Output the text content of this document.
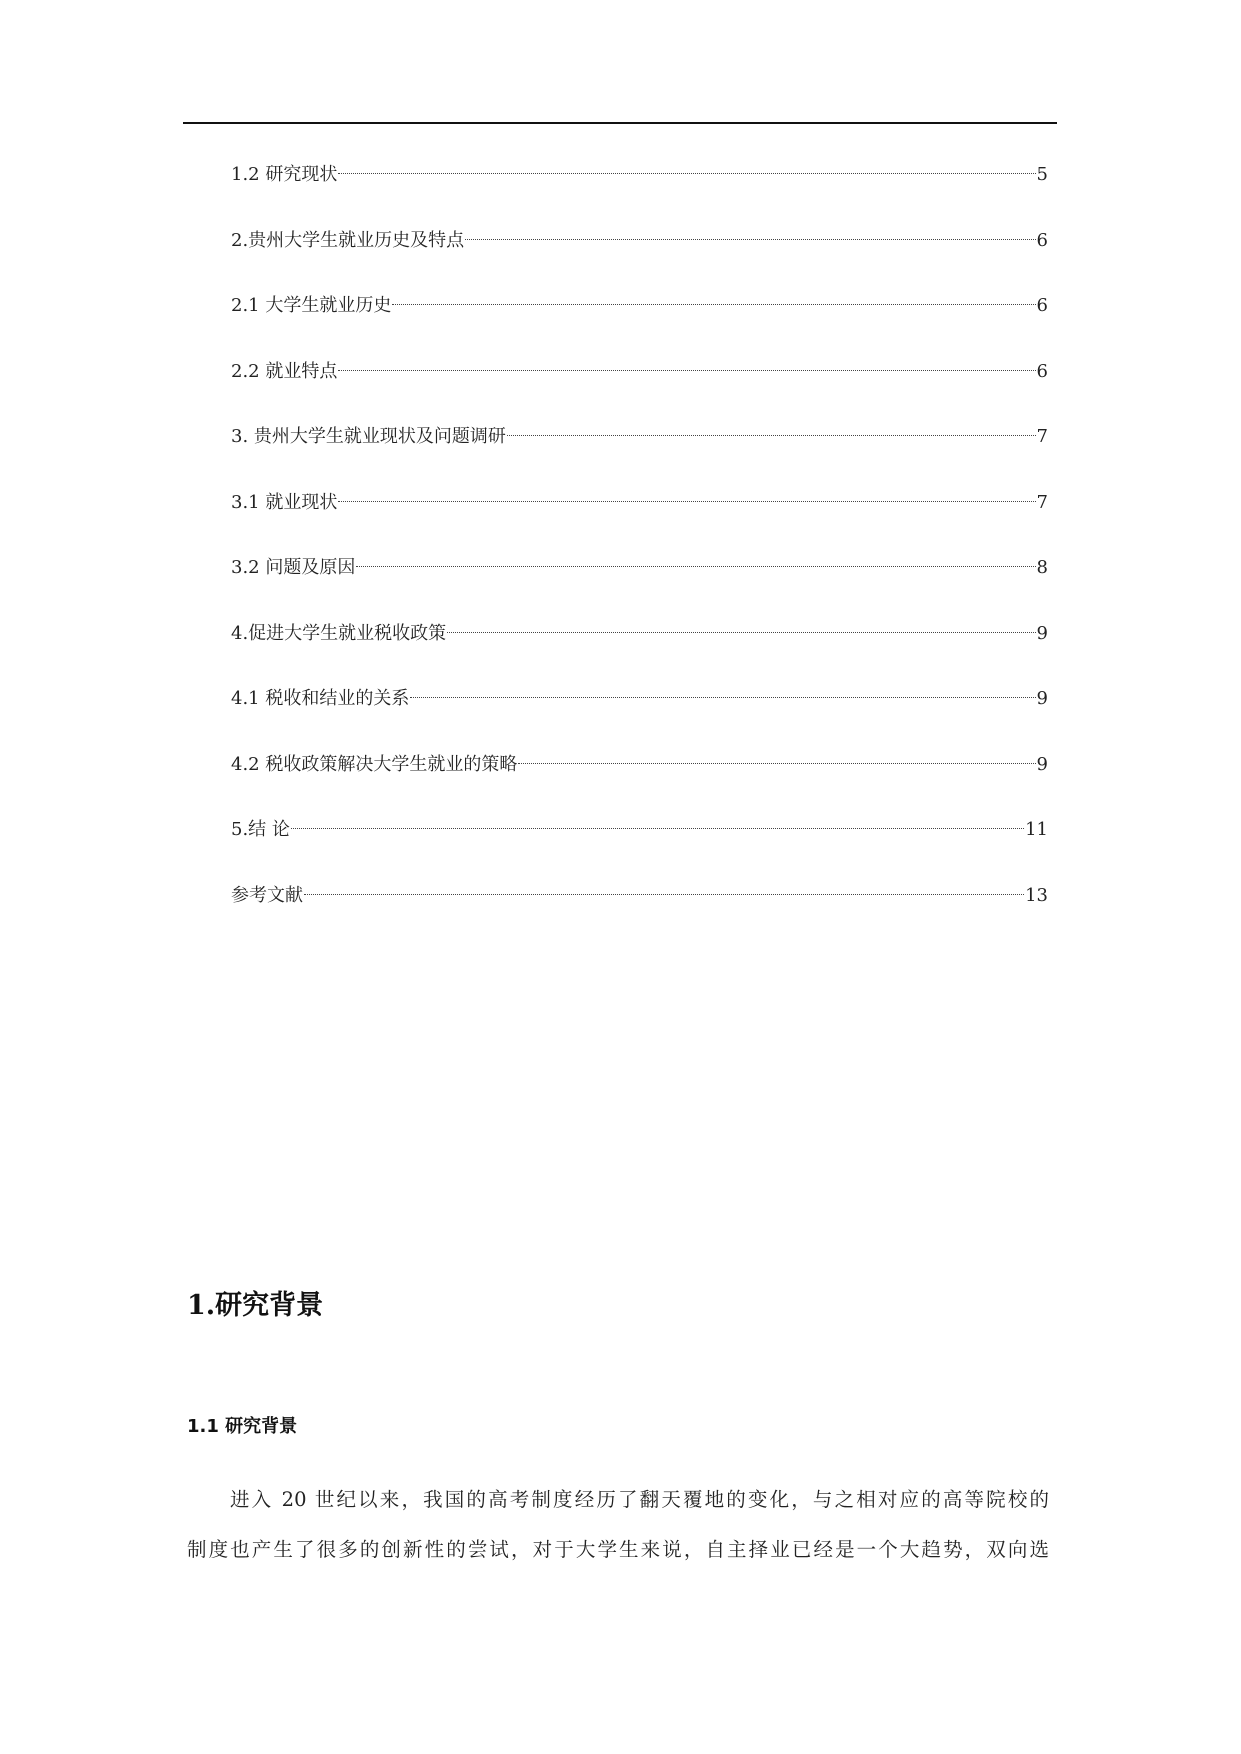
1.2 研究现状	5
2.贵州大学生就业历史及特点	6
2.1 大学生就业历史	6
2.2 就业特点	6
3. 贵州大学生就业现状及问题调研	7
3.1 就业现状	7
3.2 问题及原因	8
4.促进大学生就业税收政策	9
4.1 税收和结业的关系	9
4.2 税收政策解决大学生就业的策略	9
5.结 论	11
参考文献	13
1.研究背景
1.1 研究背景
进入 20 世纪以来，我国的高考制度经历了翻天覆地的变化，与之相对应的高等院校的
制度也产生了很多的创新性的尝试，对于大学生来说，自主择业已经是一个大趋势，双向选
